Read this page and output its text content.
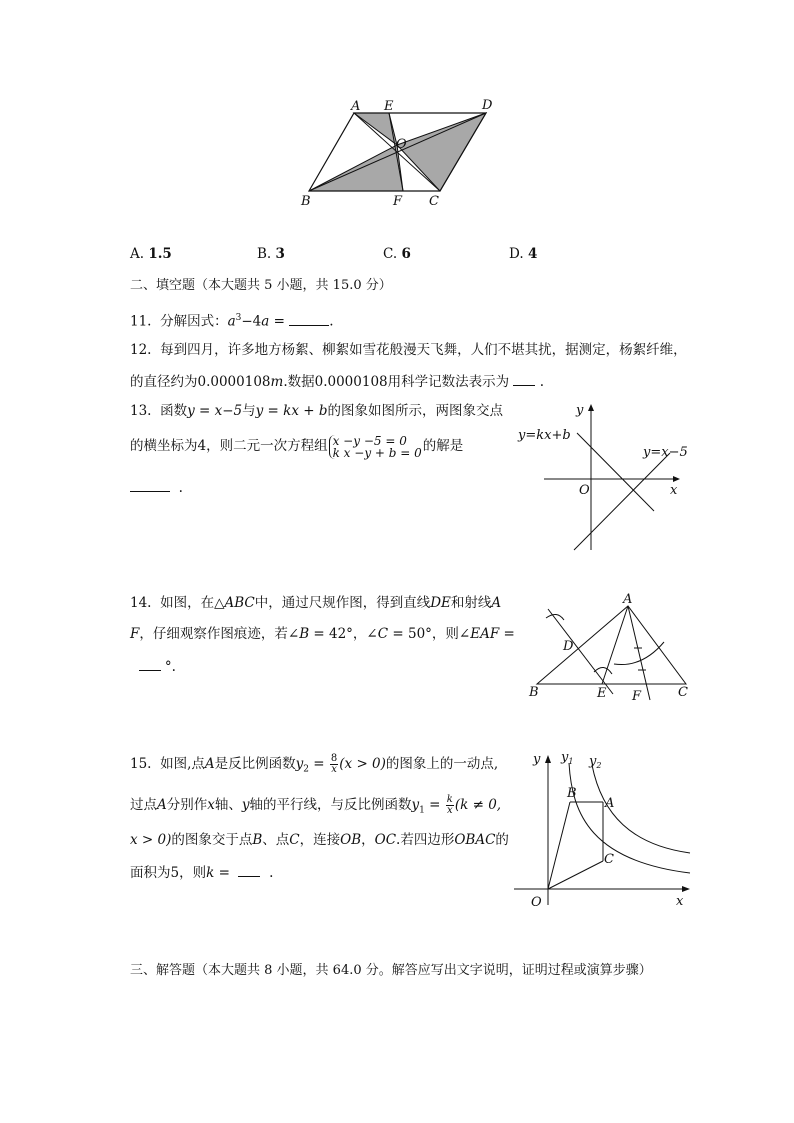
A E	D
O
B	F C
A. 1.5	B. 3	C. 6	D. 4
二、填空题（本大题共 5 小题，共 15.0 分）
11. 分解因式：$a^3-4a$ =	.
12. 每到四月，许多地方杨絮、柳絮如雪花般漫天飞舞，人们不堪其扰，据测定，杨絮纤维，
的直径约为0.0000108m.数据0.0000108用科学记数法表示为 .
13. 函数y = x−5与y = kx + b的图象如图所示，两图象交点
的横坐标为4，则二元一次方程组 x −y −5 = 0
k x −y + b = 0 的解是
.
y
x
O
y=kx+b
y=x−5
14. 如图，在△ABC中，通过尺规作图，得到直线DE和射线A
F，仔细观察作图痕迹，若∠B = 42°，∠C = 50°，则∠EAF =
°.
A
D
B	E F	C
15. 如图,点A是反比例函数$y_2 = \frac{8}{x} (x > 0)$的图象上的一动点,
过点A分别作x轴、y轴的平行线，与反比例函数$y_1 = \frac{k}{x} (k \ne 0$,
x > 0)的图象交于点B、点C，连接OB，OC.若四边形OBAC的
面积为5，则k =	.
y $y_1$ $y_2$
B
A
C
O	x
三、解答题（本大题共 8 小题，共 64.0 分。解答应写出文字说明，证明过程或演算步骤）
